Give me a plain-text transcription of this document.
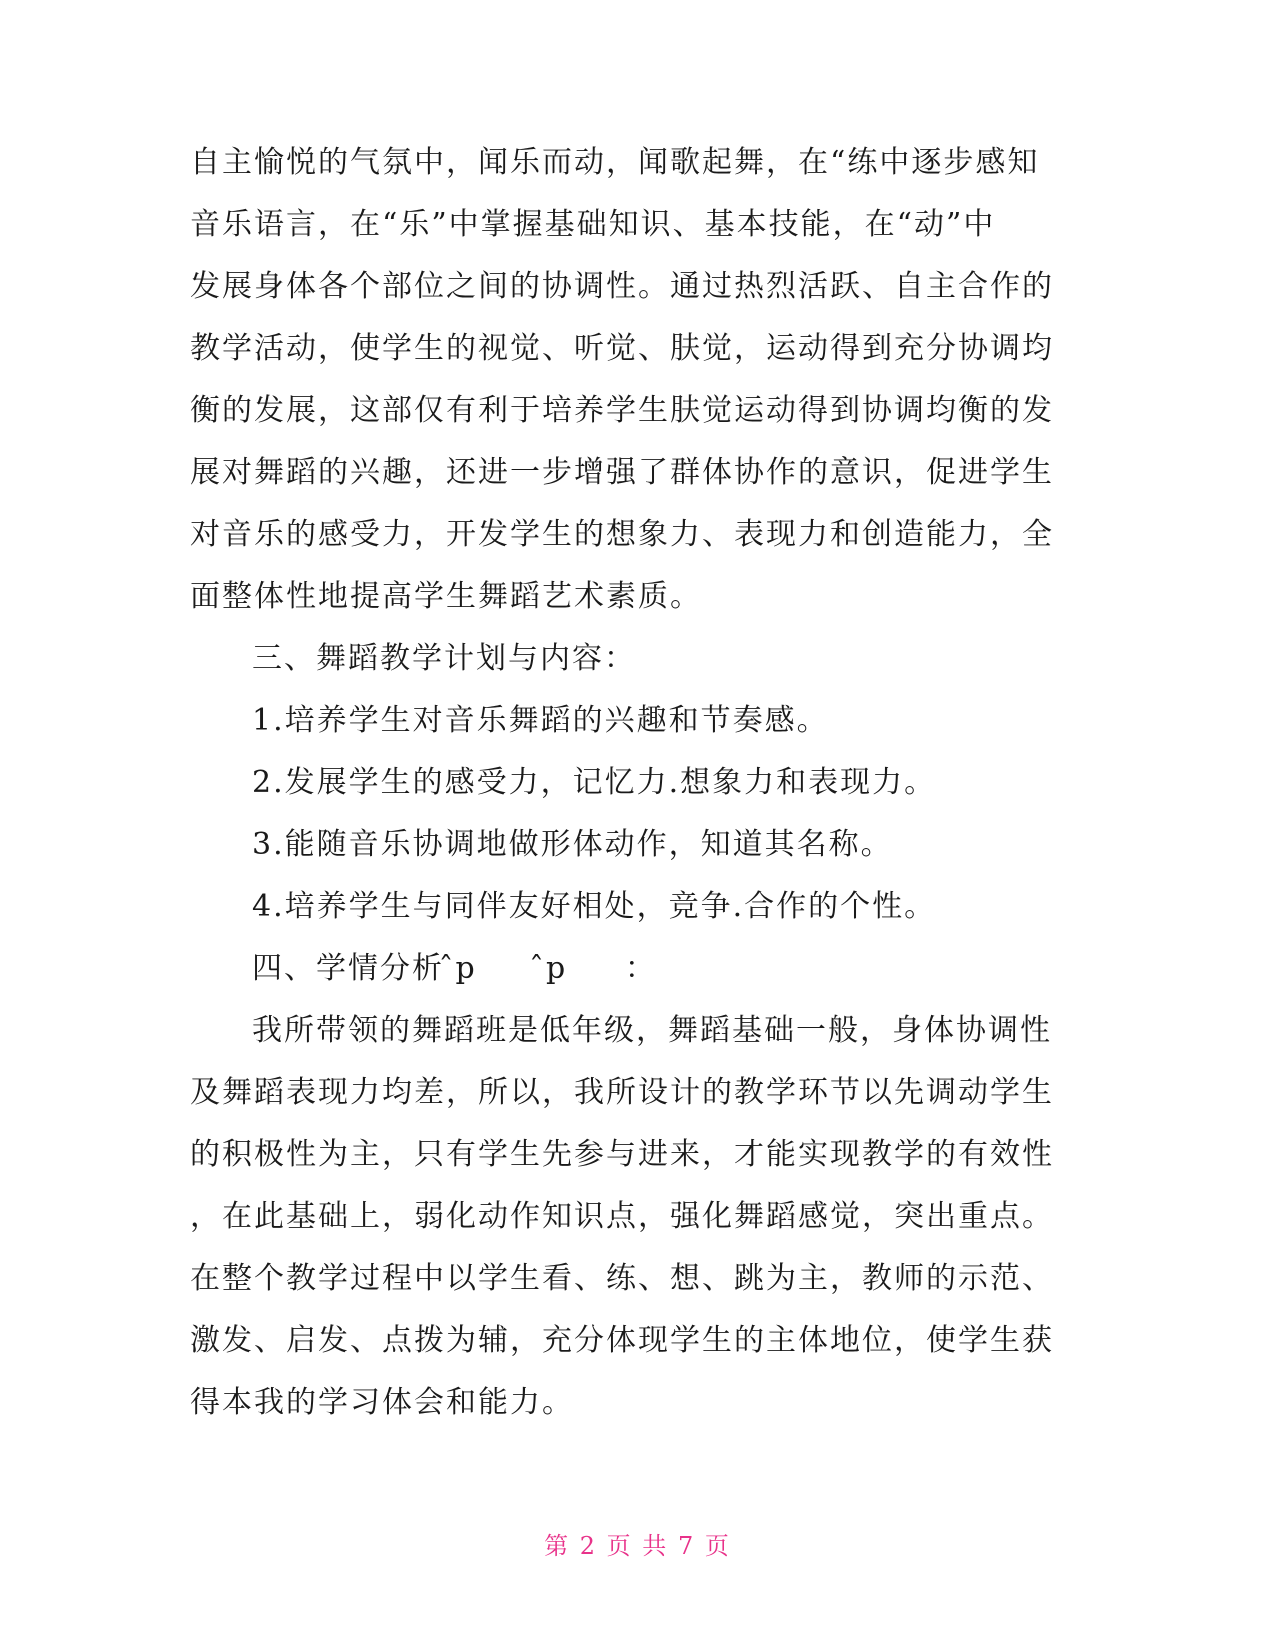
自主愉悦的气氛中，闻乐而动，闻歌起舞，在“练中逐步感知
音乐语言，在“乐”中掌握基础知识、基本技能，在“动”中
发展身体各个部位之间的协调性。通过热烈活跃、自主合作的
教学活动，使学生的视觉、听觉、肤觉，运动得到充分协调均
衡的发展，这部仅有利于培养学生肤觉运动得到协调均衡的发
展对舞蹈的兴趣，还进一步增强了群体协作的意识，促进学生
对音乐的感受力，开发学生的想象力、表现力和创造能力，全
面整体性地提高学生舞蹈艺术素质。
三、舞蹈教学计划与内容：
1.培养学生对音乐舞蹈的兴趣和节奏感。
2.发展学生的感受力，记忆力.想象力和表现力。
3.能随音乐协调地做形体动作，知道其名称。
4.培养学生与同伴友好相处，竞争.合作的个性。
四、学情分析 ̂p      ̂p     ：
我所带领的舞蹈班是低年级，舞蹈基础一般，身体协调性
及舞蹈表现力均差，所以，我所设计的教学环节以先调动学生
的积极性为主，只有学生先参与进来，才能实现教学的有效性
，在此基础上，弱化动作知识点，强化舞蹈感觉，突出重点。
在整个教学过程中以学生看、练、想、跳为主，教师的示范、
激发、启发、点拨为辅，充分体现学生的主体地位，使学生获
得本我的学习体会和能力。
第 2 页 共 7 页
